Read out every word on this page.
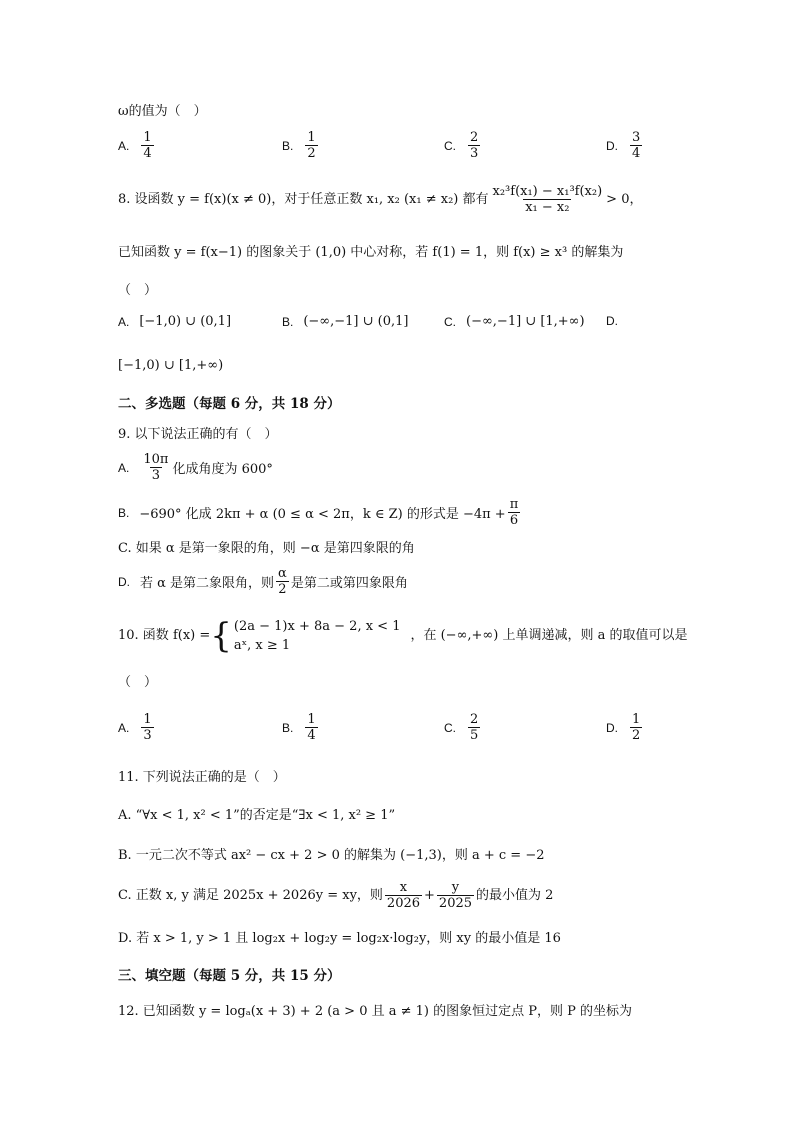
ω的值为（　）
A. $\frac{1}{4}$	B. $\frac{1}{2}$	C. $\frac{2}{3}$	D. $\frac{3}{4}$
8. 设函数 y = f(x)(x ≠ 0)，对于任意正数 x₁, x₂ (x₁ ≠ x₂) 都有 $\frac{\text{x₂³f(x₁) − x₁³f(x₂)}}{\text{x₁ − x₂}} > 0$，
已知函数 y = f(x−1) 的图象关于 (1,0) 中心对称，若 f(1) = 1，则 f(x) ≥ x³ 的解集为
（　）
A. [−1,0) ∪ (0,1]	B. (−∞,−1] ∪ (0,1]	C. (−∞,−1] ∪ [1,+∞) D.
[−1,0) ∪ [1,+∞)
二、多选题（每题 6 分，共 18 分）
9. 以下说法正确的有（　）
A. $\frac{10\pi}{3}$ 化成角度为 600°
B. −690° 化成 2kπ + α (0 ≤ α < 2π，k ∈ Z) 的形式是 $-4\pi + \frac{\pi}{6}$
C. 如果 α 是第一象限的角，则 −α 是第四象限的角
D. 若 α 是第二象限角，则 $\frac{\alpha}{2}$ 是第二或第四象限角
10. 函数 f(x) = { (2a − 1)x + 8a − 2, x < 1
aˣ, x ≥ 1
，在 (−∞,+∞) 上单调递减，则 a 的取值可以是
（　）
A. $\frac{1}{3}$	B. $\frac{1}{4}$	C. $\frac{2}{5}$	D. $\frac{1}{2}$
11. 下列说法正确的是（　）
A. “∀x < 1, x² < 1”的否定是“∃x < 1, x² ≥ 1”
B. 一元二次不等式 ax² − cx + 2 > 0 的解集为 (−1,3)，则 a + c = −2
C. 正数 x, y 满足 2025x + 2026y = xy，则 $\frac{x}{2026} + \frac{y}{2025}$ 的最小值为 2
D. 若 x > 1, y > 1 且 log₂x + log₂y = log₂x·log₂y，则 xy 的最小值是 16
三、填空题（每题 5 分，共 15 分）
12. 已知函数 y = logₐ(x + 3) + 2 (a > 0 且 a ≠ 1) 的图象恒过定点 P，则 P 的坐标为
